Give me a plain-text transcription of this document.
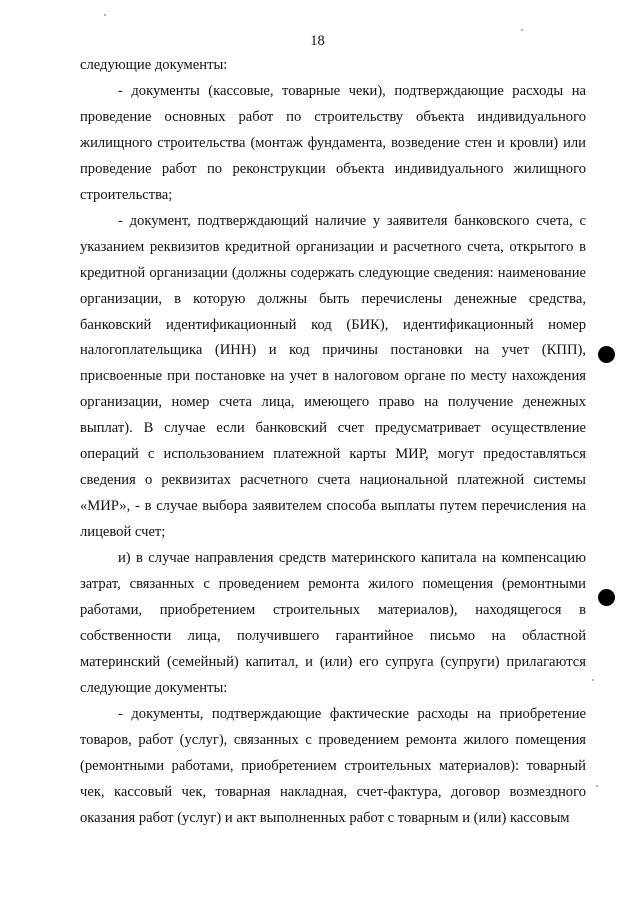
18

следующие документы:

- документы (кассовые, товарные чеки), подтверждающие расходы на проведение основных работ по строительству объекта индивидуального жилищного строительства (монтаж фундамента, возведение стен и кровли) или проведение работ по реконструкции объекта индивидуального жилищного строительства;

- документ, подтверждающий наличие у заявителя банковского счета, с указанием реквизитов кредитной организации и расчетного счета, открытого в кредитной организации (должны содержать следующие сведения: наименование организации, в которую должны быть перечислены денежные средства, банковский идентификационный код (БИК), идентификационный номер налогоплательщика (ИНН) и код причины постановки на учет (КПП), присвоенные при постановке на учет в налоговом органе по месту нахождения организации, номер счета лица, имеющего право на получение денежных выплат). В случае если банковский счет предусматривает осуществление операций с использованием платежной карты МИР, могут предоставляться сведения о реквизитах расчетного счета национальной платежной системы «МИР», - в случае выбора заявителем способа выплаты путем перечисления на лицевой счет;

и) в случае направления средств материнского капитала на компенсацию затрат, связанных с проведением ремонта жилого помещения (ремонтными работами, приобретением строительных материалов), находящегося в собственности лица, получившего гарантийное письмо на областной материнский (семейный) капитал, и (или) его супруга (супруги) прилагаются следующие документы:

- документы, подтверждающие фактические расходы на приобретение товаров, работ (услуг), связанных с проведением ремонта жилого помещения (ремонтными работами, приобретением строительных материалов): товарный чек, кассовый чек, товарная накладная, счет-фактура, договор возмездного оказания работ (услуг) и акт выполненных работ с товарным и (или) кассовым
